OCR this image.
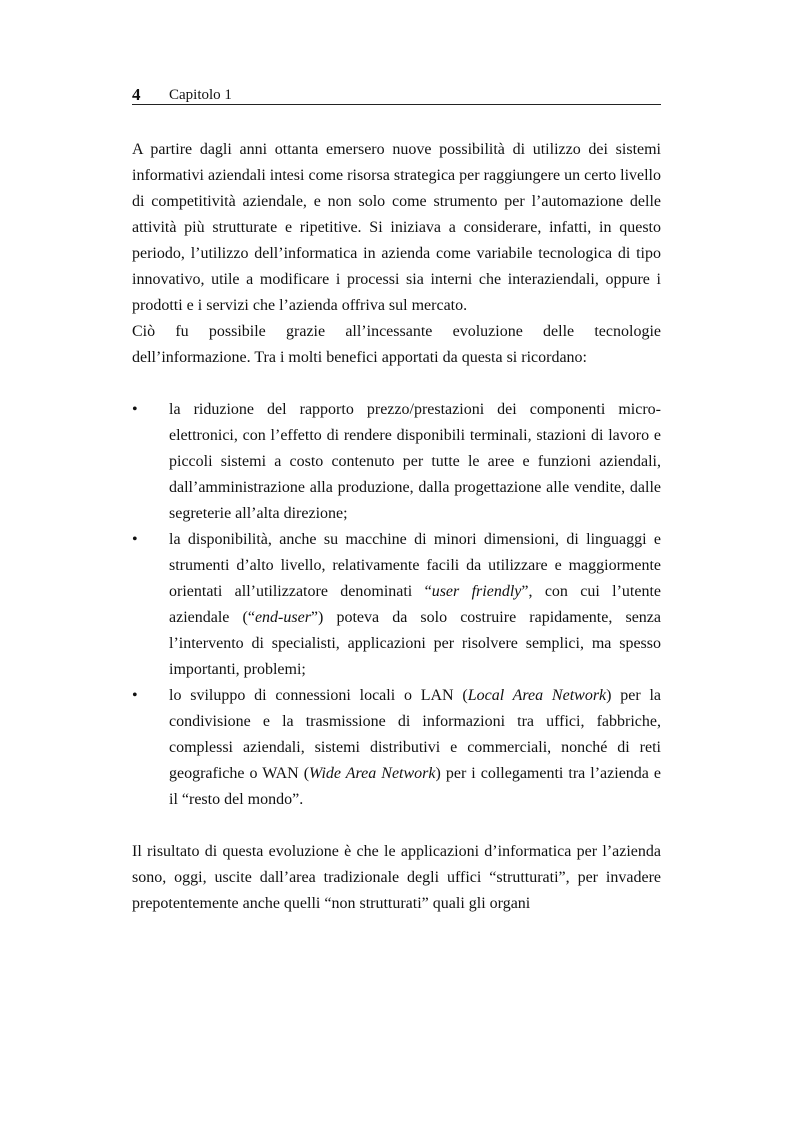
4 Capitolo 1

A partire dagli anni ottanta emersero nuove possibilità di utilizzo dei sistemi informativi aziendali intesi come risorsa strategica per raggiungere un certo livello di competitività aziendale, e non solo come strumento per l’automazione delle attività più strutturate e ripetitive. Si iniziava a considerare, infatti, in questo periodo, l’utilizzo dell’informatica in azienda come variabile tecnologica di tipo innovativo, utile a modificare i processi sia interni che interaziendali, oppure i prodotti e i servizi che l’azienda offriva sul mercato.

Ciò fu possibile grazie all’incessante evoluzione delle tecnologie dell’informazione. Tra i molti benefici apportati da questa si ricordano:

• la riduzione del rapporto prezzo/prestazioni dei componenti micro-elettronici, con l’effetto di rendere disponibili terminali, stazioni di lavoro e piccoli sistemi a costo contenuto per tutte le aree e funzioni aziendali, dall’amministrazione alla produzione, dalla progettazione alle vendite, dalle segreterie all’alta direzione;
• la disponibilità, anche su macchine di minori dimensioni, di linguaggi e strumenti d’alto livello, relativamente facili da utilizzare e maggiormente orientati all’utilizzatore denominati “user friendly”, con cui l’utente aziendale (“end-user”) poteva da solo costruire rapidamente, senza l’intervento di specialisti, applicazioni per risolvere semplici, ma spesso importanti, problemi;
• lo sviluppo di connessioni locali o LAN (Local Area Network) per la condivisione e la trasmissione di informazioni tra uffici, fabbriche, complessi aziendali, sistemi distributivi e commerciali, nonché di reti geografiche o WAN (Wide Area Network) per i collegamenti tra l’azienda e il “resto del mondo”.

Il risultato di questa evoluzione è che le applicazioni d’informatica per l’azienda sono, oggi, uscite dall’area tradizionale degli uffici “strutturati”, per invadere prepotentemente anche quelli “non strutturati” quali gli organi
